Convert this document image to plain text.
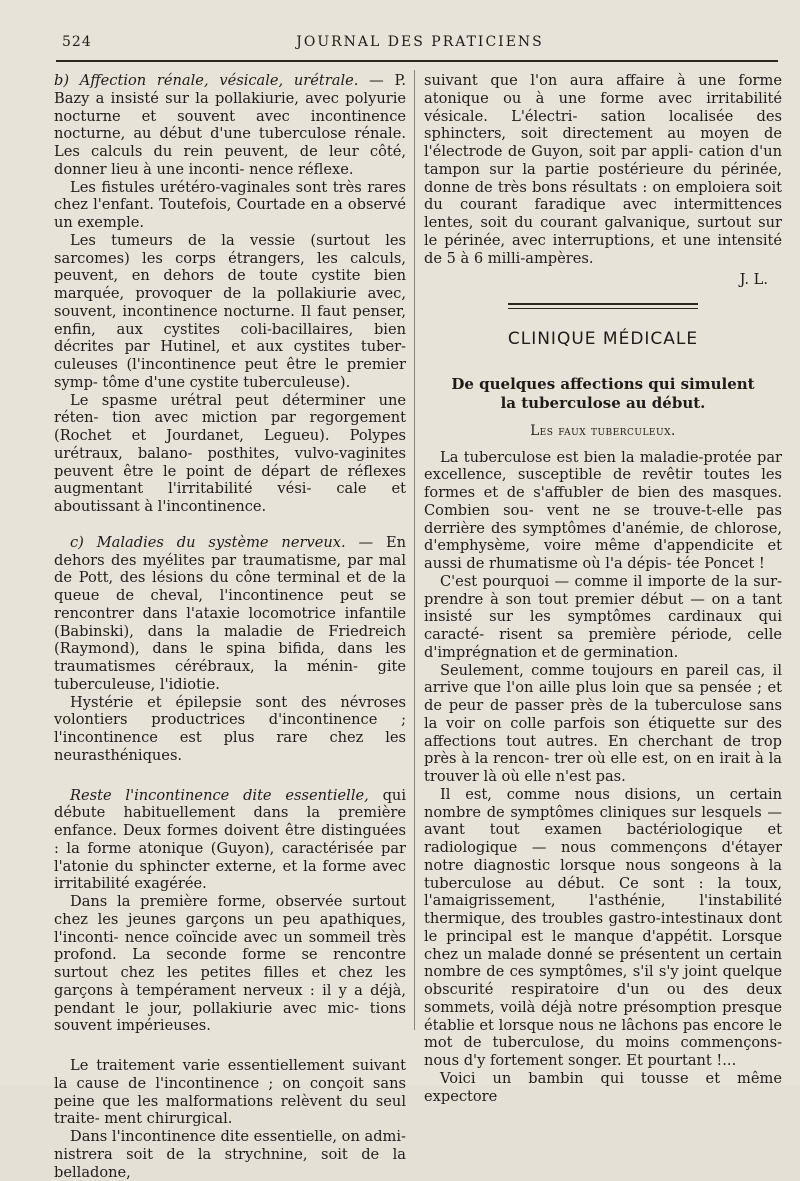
524	JOURNAL DES PRATICIENS

b) Affection rénale, vésicale, urétrale. — P. Bazy a insisté sur la pollakiurie, avec polyurie nocturne et souvent avec incontinence nocturne, au début d'une tuberculose rénale. Les calculs du rein peuvent, de leur côté, donner lieu à une inconti- nence réflexe.

Les fistules urétéro-vaginales sont très rares chez l'enfant. Toutefois, Courtade en a observé un exemple.

Les tumeurs de la vessie (surtout les sarcomes) les corps étrangers, les calculs, peuvent, en dehors de toute cystite bien marquée, provoquer de la pollakiurie avec, souvent, incontinence nocturne. Il faut penser, enfin, aux cystites coli-bacillaires, bien décrites par Hutinel, et aux cystites tuber- culeuses (l'incontinence peut être le premier symp- tôme d'une cystite tuberculeuse).

Le spasme urétral peut déterminer une réten- tion avec miction par regorgement (Rochet et Jourdanet, Legueu). Polypes urétraux, balano- posthites, vulvo-vaginites peuvent être le point de départ de réflexes augmentant l'irritabilité vési- cale et aboutissant à l'incontinence.

c) Maladies du système nerveux. — En dehors des myélites par traumatisme, par mal de Pott, des lésions du cône terminal et de la queue de cheval, l'incontinence peut se rencontrer dans l'ataxie locomotrice infantile (Babinski), dans la maladie de Friedreich (Raymond), dans le spina bifida, dans les traumatismes cérébraux, la ménin- gite tuberculeuse, l'idiotie.

Hystérie et épilepsie sont des névroses volontiers productrices d'incontinence ; l'incontinence est plus rare chez les neurasthéniques.

Reste l'incontinence dite essentielle, qui débute habituellement dans la première enfance. Deux formes doivent être distinguées : la forme atonique (Guyon), caractérisée par l'atonie du sphincter externe, et la forme avec irritabilité exagérée.

Dans la première forme, observée surtout chez les jeunes garçons un peu apathiques, l'inconti- nence coïncide avec un sommeil très profond. La seconde forme se rencontre surtout chez les petites filles et chez les garçons à tempérament nerveux : il y a déjà, pendant le jour, pollakiurie avec mic- tions souvent impérieuses.

Le traitement varie essentiellement suivant la cause de l'incontinence ; on conçoit sans peine que les malformations relèvent du seul traite- ment chirurgical.

Dans l'incontinence dite essentielle, on admi- nistrera soit de la strychnine, soit de la belladone,

suivant que l'on aura affaire à une forme atonique ou à une forme avec irritabilité vésicale. L'électri- sation localisée des sphincters, soit directement au moyen de l'électrode de Guyon, soit par appli- cation d'un tampon sur la partie postérieure du périnée, donne de très bons résultats : on emploiera soit du courant faradique avec intermittences lentes, soit du courant galvanique, surtout sur le périnée, avec interruptions, et une intensité de 5 à 6 milli-ampères.

J. L.
CLINIQUE MÉDICALE
De quelques affections qui simulent
la tuberculose au début.
Les faux tuberculeux.

La tuberculose est bien la maladie-protée par excellence, susceptible de revêtir toutes les formes et de s'affubler de bien des masques. Combien sou- vent ne se trouve-t-elle pas derrière des symptômes d'anémie, de chlorose, d'emphysème, voire même d'appendicite et aussi de rhumatisme où l'a dépis- tée Poncet !

C'est pourquoi — comme il importe de la sur- prendre à son tout premier début — on a tant insisté sur les symptômes cardinaux qui caracté- risent sa première période, celle d'imprégnation et de germination.

Seulement, comme toujours en pareil cas, il arrive que l'on aille plus loin que sa pensée ; et de peur de passer près de la tuberculose sans la voir on colle parfois son étiquette sur des affections tout autres. En cherchant de trop près à la rencon- trer où elle est, on en irait à la trouver là où elle n'est pas.

Il est, comme nous disions, un certain nombre de symptômes cliniques sur lesquels — avant tout examen bactériologique et radiologique — nous commençons d'étayer notre diagnostic lorsque nous songeons à la tuberculose au début. Ce sont : la toux, l'amaigrissement, l'asthénie, l'instabilité thermique, des troubles gastro-intestinaux dont le principal est le manque d'appétit. Lorsque chez un malade donné se présentent un certain nombre de ces symptômes, s'il s'y joint quelque obscurité respiratoire d'un ou des deux sommets, voilà déjà notre présomption presque établie et lorsque nous ne lâchons pas encore le mot de tuberculose, du moins commençons-nous d'y fortement songer. Et pourtant !...

Voici un bambin qui tousse et même expectore
